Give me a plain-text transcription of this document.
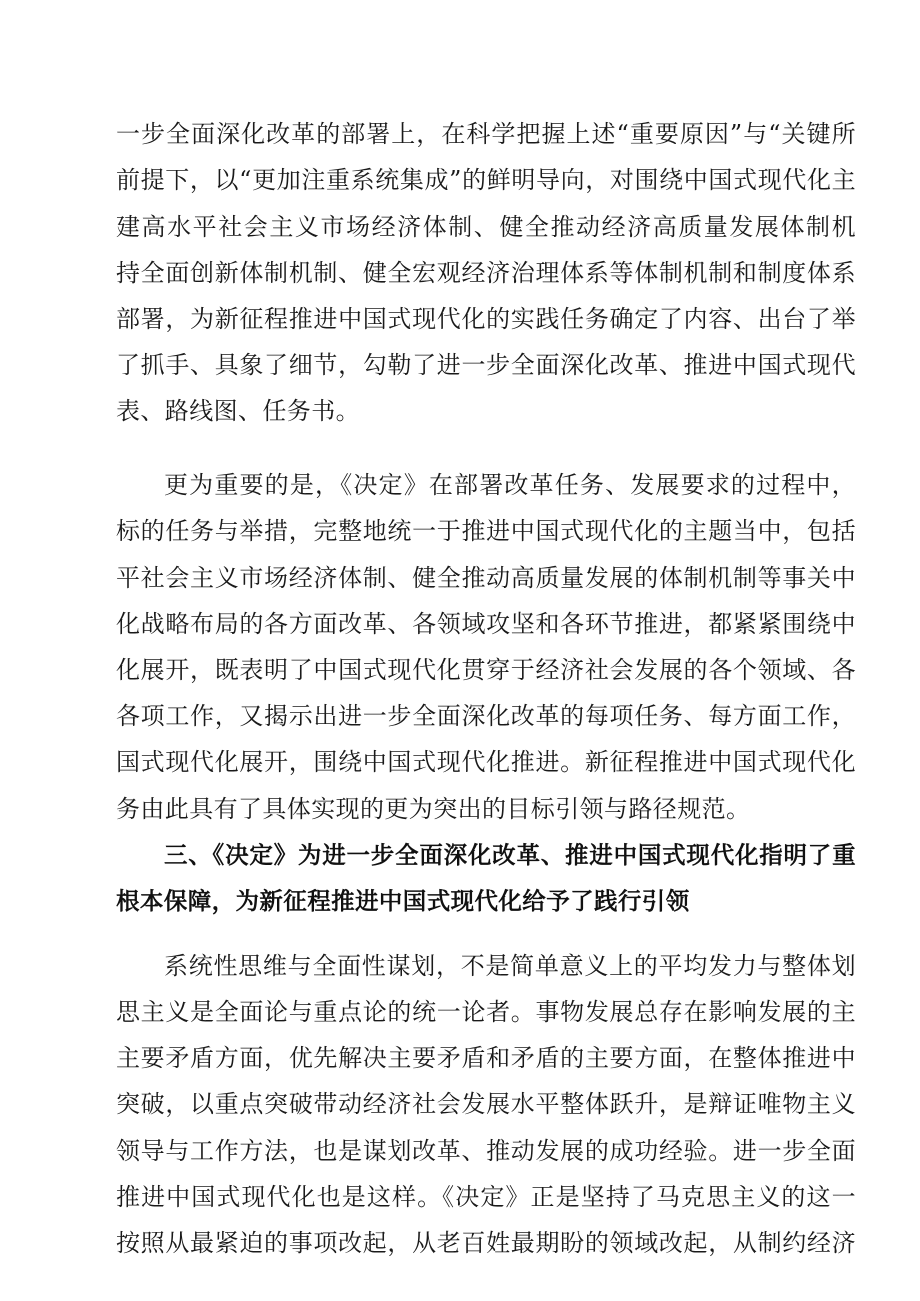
一步全面深化改革的部署上，在科学把握上述“重要原因”与“关键所

前提下，以“更加注重系统集成”的鲜明导向，对围绕中国式现代化主

建高水平社会主义市场经济体制、健全推动经济高质量发展体制机

持全面创新体制机制、健全宏观经济治理体系等体制机制和制度体系

部署，为新征程推进中国式现代化的实践任务确定了内容、出台了举

了抓手、具象了细节，勾勒了进一步全面深化改革、推进中国式现代

表、路线图、任务书。

更为重要的是，《决定》在部署改革任务、发展要求的过程中，

标的任务与举措，完整地统一于推进中国式现代化的主题当中，包括

平社会主义市场经济体制、健全推动高质量发展的体制机制等事关中

化战略布局的各方面改革、各领域攻坚和各环节推进，都紧紧围绕中

化展开，既表明了中国式现代化贯穿于经济社会发展的各个领域、各

各项工作，又揭示出进一步全面深化改革的每项任务、每方面工作，

国式现代化展开，围绕中国式现代化推进。新征程推进中国式现代化

务由此具有了具体实现的更为突出的目标引领与路径规范。

三、《决定》为进一步全面深化改革、推进中国式现代化指明了重

根本保障，为新征程推进中国式现代化给予了践行引领

系统性思维与全面性谋划，不是简单意义上的平均发力与整体划

思主义是全面论与重点论的统一论者。事物发展总存在影响发展的主

主要矛盾方面，优先解决主要矛盾和矛盾的主要方面，在整体推进中

突破，以重点突破带动经济社会发展水平整体跃升，是辩证唯物主义

领导与工作方法，也是谋划改革、推动发展的成功经验。进一步全面

推进中国式现代化也是这样。《决定》正是坚持了马克思主义的这一

按照从最紧迫的事项改起，从老百姓最期盼的领域改起，从制约经济
